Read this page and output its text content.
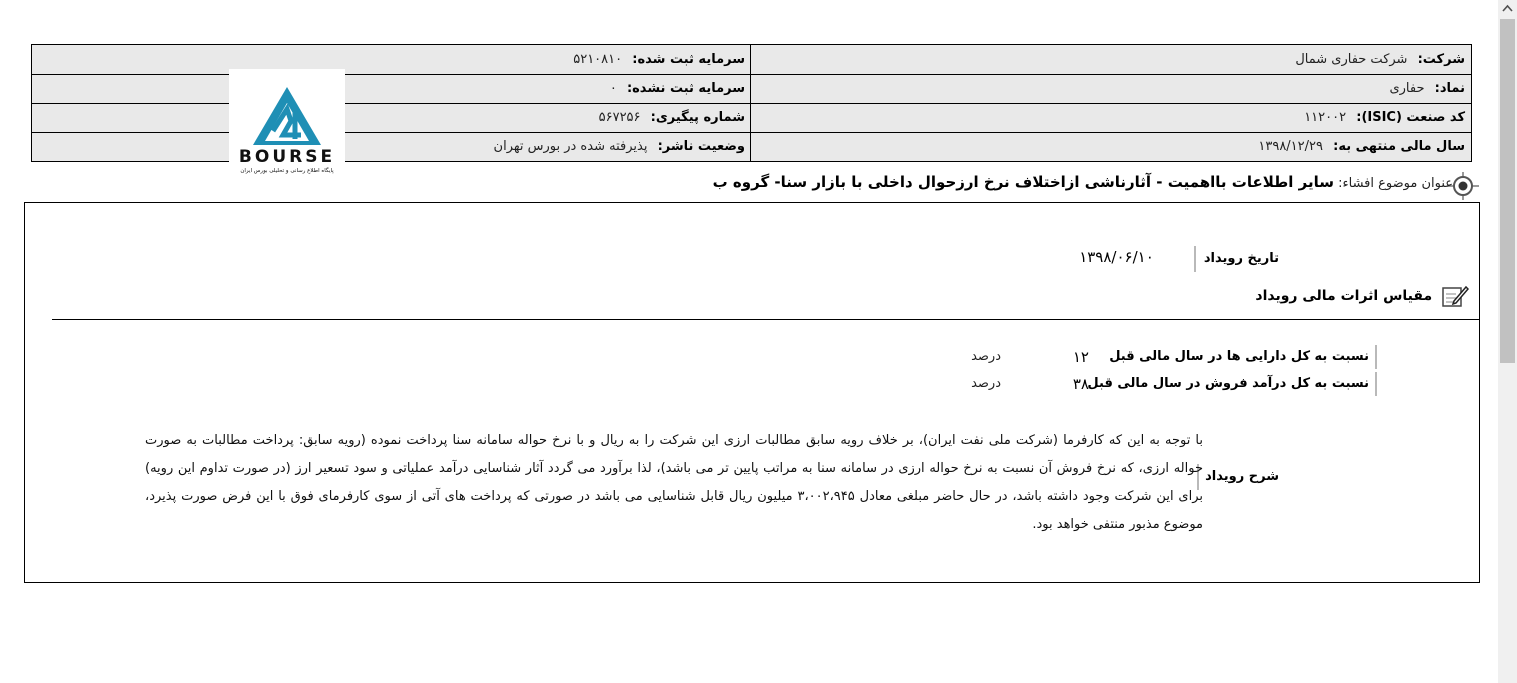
شرکت: شرکت حفاری شمال
سرمایه ثبت شده: ۵۲۱۰۸۱۰
نماد: حفاری
سرمایه ثبت نشده: ۰
کد صنعت (ISIC): ۱۱۲۰۰۲
شماره پیگیری: ۵۶۷۲۵۶
سال مالی منتهی به: ۱۳۹۸/۱۲/۲۹
وضعیت ناشر: پذیرفته شده در بورس تهران
BOURSE
پایگاه اطلاع رسانی و تحلیلی بورس ایران
عنوان موضوع افشاء: سایر اطلاعات بااهمیت - آثارناشی ازاختلاف نرخ ارزحوال داخلی با بازار سنا- گروه ب
تاریخ رویداد ۱۳۹۸/۰۶/۱۰
مقیاس اثرات مالی رویداد
نسبت به کل دارایی ها در سال مالی قبل
۱۲
درصد
نسبت به کل درآمد فروش در سال مالی قبل
۳۸
درصد
شرح رویداد
با توجه به این که کارفرما (شرکت ملی نفت ایران)، بر خلاف رویه سابق مطالبات ارزی این شرکت را به ریال و با نرخ حواله سامانه سنا پرداخت نموده (رویه سابق: پرداخت مطالبات به صورت حواله ارزی، که نرخ فروش آن نسبت به نرخ حواله ارزی در سامانه سنا به مراتب پایین تر می باشد)، لذا برآورد می گردد آثار شناسایی درآمد عملیاتی و سود تسعیر ارز (در صورت تداوم این رویه) برای این شرکت وجود داشته باشد، در حال حاضر مبلغی معادل ۳،۰۰۲،۹۴۵ میلیون ریال قابل شناسایی می باشد در صورتی که پرداخت های آتی از سوی کارفرمای فوق با این فرض صورت پذیرد، موضوع مذبور منتفی خواهد بود.
